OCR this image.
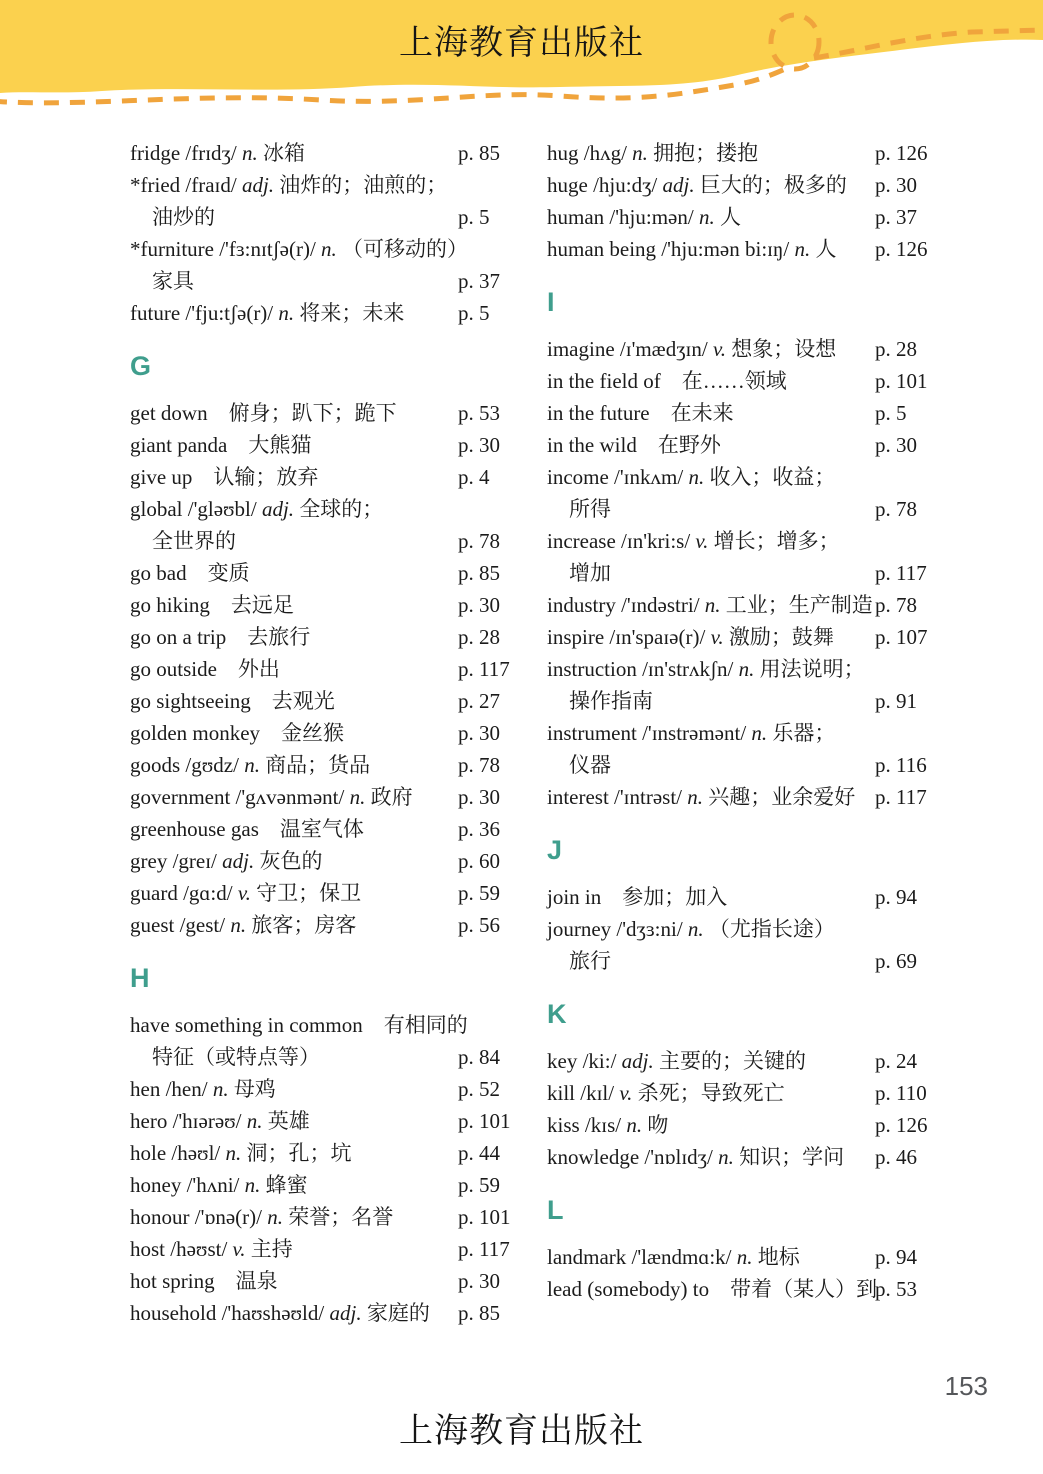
上海教育出版社
fridge /frɪdʒ/ n. 冰箱	p. 85
*fried /fraɪd/ adj. 油炸的；油煎的；
油炒的	p. 5
*furniture /'fɜ:nɪtʃə(r)/ n. （可移动的）
家具	p. 37
future /'fju:tʃə(r)/ n. 将来；未来	p. 5
G
get down　俯身；趴下；跪下	p. 53
giant panda　大熊猫	p. 30
give up　认输；放弃	p. 4
global /'gləʊbl/ adj. 全球的；
全世界的	p. 78
go bad　变质	p. 85
go hiking　去远足	p. 30
go on a trip　去旅行	p. 28
go outside　外出	p. 117
go sightseeing　去观光	p. 27
golden monkey　金丝猴	p. 30
goods /gʊdz/ n. 商品；货品	p. 78
government /'gʌvənmənt/ n. 政府 p. 30
greenhouse gas　温室气体	p. 36
grey /greɪ/ adj. 灰色的	p. 60
guard /gɑ:d/ v. 守卫；保卫	p. 59
guest /gest/ n. 旅客；房客	p. 56
H
have something in common　有相同的
特征（或特点等）	p. 84
hen /hen/ n. 母鸡	p. 52
hero /'hɪərəʊ/ n. 英雄	p. 101
hole /həʊl/ n. 洞；孔；坑	p. 44
honey /'hʌni/ n. 蜂蜜	p. 59
honour /'ɒnə(r)/ n. 荣誉；名誉	p. 101
host /həʊst/ v. 主持	p. 117
hot spring　温泉	p. 30
household /'haʊshəʊld/ adj. 家庭的 p. 85
hug /hʌg/ n. 拥抱；搂抱	p. 126
huge /hju:dʒ/ adj. 巨大的；极多的 p. 30
human /'hju:mən/ n. 人	p. 37
human being /'hju:mən bi:ɪŋ/ n. 人 p. 126
I
imagine /ɪ'mædʒɪn/ v. 想象；设想 p. 28
in the field of　在……领域	p. 101
in the future　在未来	p. 5
in the wild　在野外	p. 30
income /'ɪnkʌm/ n. 收入；收益；
所得	p. 78
increase /ɪn'kri:s/ v. 增长；增多；
增加	p. 117
industry /'ɪndəstri/ n. 工业；生产制造 p. 78
inspire /ɪn'spaɪə(r)/ v. 激励；鼓舞 p. 107
instruction /ɪn'strʌkʃn/ n. 用法说明；
操作指南	p. 91
instrument /'ɪnstrəmənt/ n. 乐器；
仪器	p. 116
interest /'ɪntrəst/ n. 兴趣；业余爱好 p. 117
J
join in　参加；加入	p. 94
journey /'dʒɜ:ni/ n. （尤指长途）
旅行	p. 69
K
key /ki:/ adj. 主要的；关键的	p. 24
kill /kɪl/ v. 杀死；导致死亡	p. 110
kiss /kɪs/ n. 吻	p. 126
knowledge /'nɒlɪdʒ/ n. 知识；学问 p. 46
L
landmark /'lændmɑ:k/ n. 地标	p. 94
lead (somebody) to　带着（某人）到
p. 53
153
上海教育出版社
